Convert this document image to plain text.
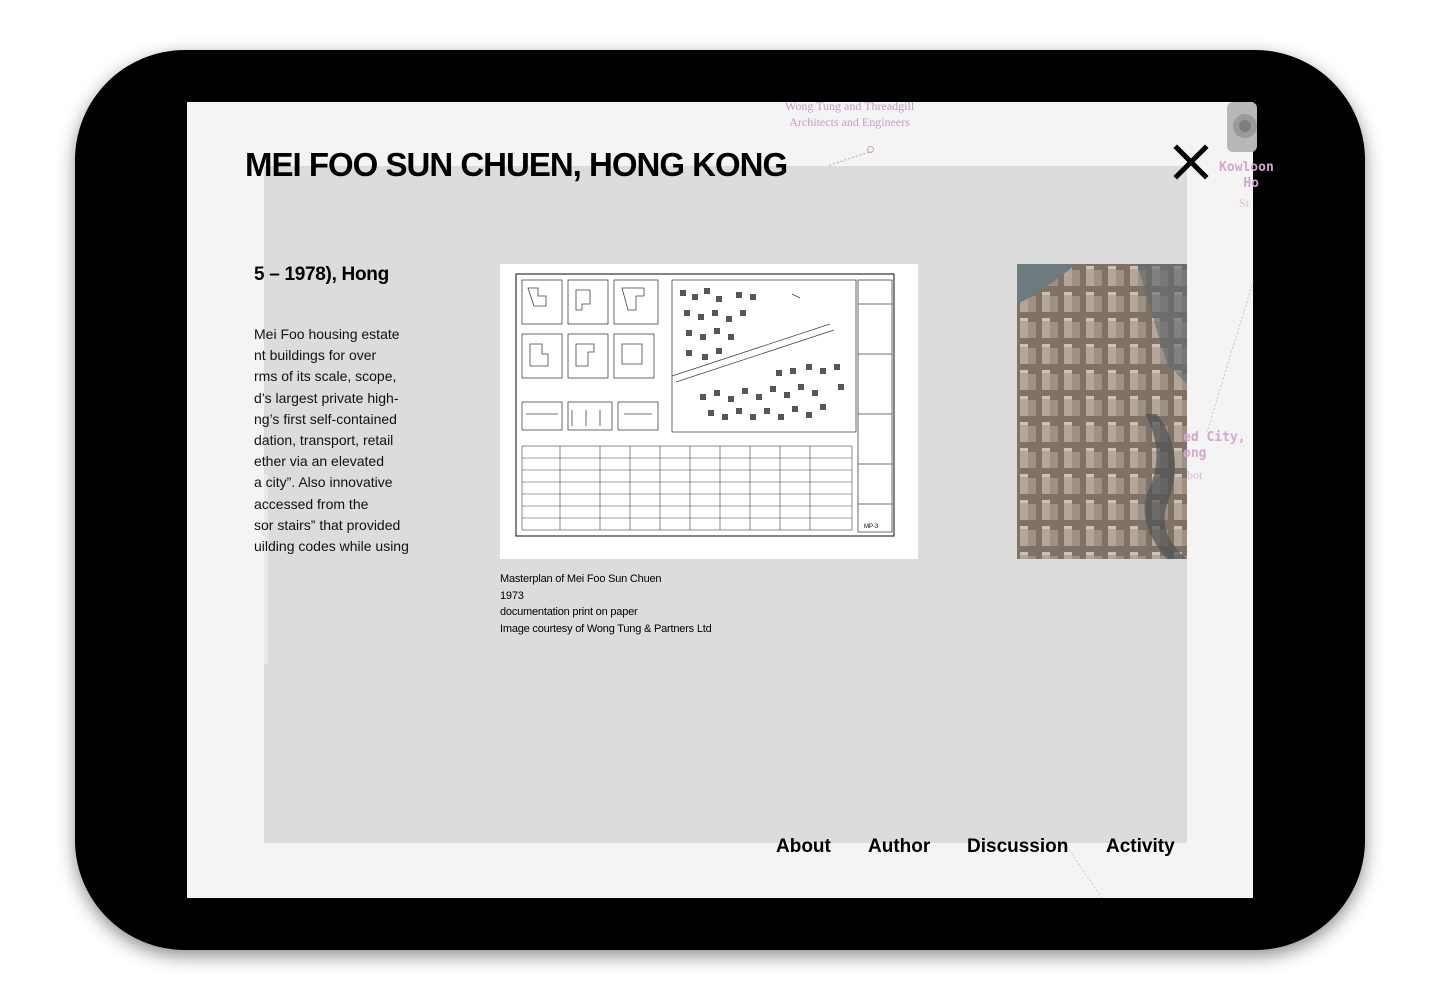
Wong Tung and Threadgill
Architects and Engineers
Kowloon
Ho
St
5 – 1978), Hong
Mei Foo housing estate
nt buildings for over
rms of its scale, scope,
d’s largest private high-
ng’s first self-contained
dation, transport, retail
ether via an elevated
a city”. Also innovative
accessed from the
sor stairs” that provided
uilding codes while using
MP-3
Masterplan of Mei Foo Sun Chuen
1973
documentation print on paper
Image courtesy of Wong Tung & Partners Ltd
ed City,
ong
bot
MEI FOO SUN CHUEN, HONG KONG
About Author Discussion Activity
